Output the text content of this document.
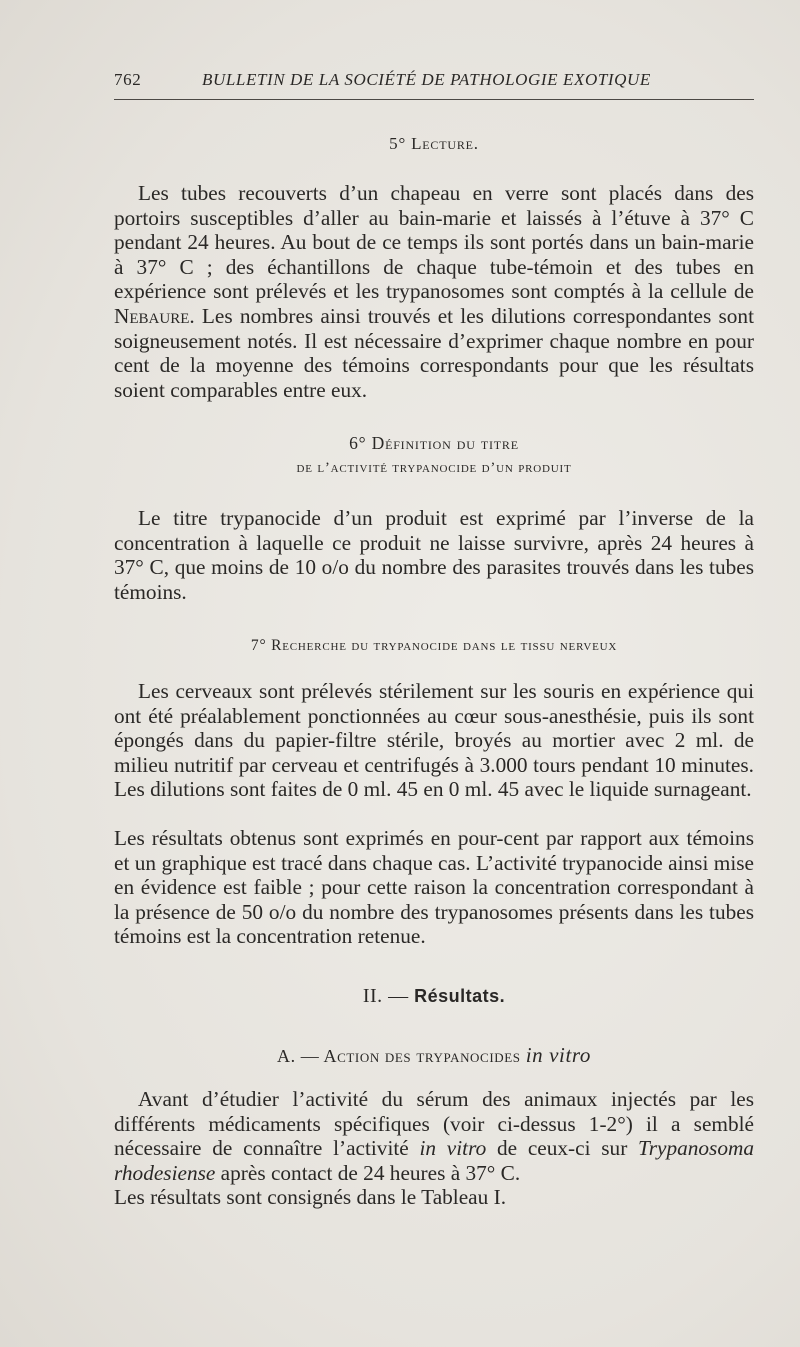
762	BULLETIN DE LA SOCIÉTÉ DE PATHOLOGIE EXOTIQUE
5° Lecture.

Les tubes recouverts d’un chapeau en verre sont placés dans des portoirs susceptibles d’aller au bain-marie et laissés à l’étuve à 37° C pendant 24 heures. Au bout de ce temps ils sont portés dans un bain-marie à 37° C ; des échantillons de chaque tube-témoin et des tubes en expérience sont prélevés et les trypanosomes sont comptés à la cellule de Nebaure. Les nombres ainsi trouvés et les dilutions correspondantes sont soigneusement notés. Il est nécessaire d’exprimer chaque nombre en pour cent de la moyenne des témoins correspondants pour que les résultats soient comparables entre eux.

6° Définition du titre
de l’activité trypanocide d’un produit

Le titre trypanocide d’un produit est exprimé par l’inverse de la concentration à laquelle ce produit ne laisse survivre, après 24 heures à 37° C, que moins de 10 o/o du nombre des parasites trouvés dans les tubes témoins.

7° Recherche du trypanocide dans le tissu nerveux

Les cerveaux sont prélevés stérilement sur les souris en expérience qui ont été préalablement ponctionnées au cœur sous-anesthésie, puis ils sont épongés dans du papier-filtre stérile, broyés au mortier avec 2 ml. de milieu nutritif par cerveau et centrifugés à 3.000 tours pendant 10 minutes. Les dilutions sont faites de 0 ml. 45 en 0 ml. 45 avec le liquide surnageant.

Les résultats obtenus sont exprimés en pour-cent par rapport aux témoins et un graphique est tracé dans chaque cas. L’activité trypanocide ainsi mise en évidence est faible ; pour cette raison la concentration correspondant à la présence de 50 o/o du nombre des trypanosomes présents dans les tubes témoins est la concentration retenue.

II. — Résultats.
A. — Action des trypanocides in vitro

Avant d’étudier l’activité du sérum des animaux injectés par les différents médicaments spécifiques (voir ci-dessus 1-2°) il a semblé nécessaire de connaître l’activité in vitro de ceux-ci sur Trypanosoma rhodesiense après contact de 24 heures à 37° C.

Les résultats sont consignés dans le Tableau I.
